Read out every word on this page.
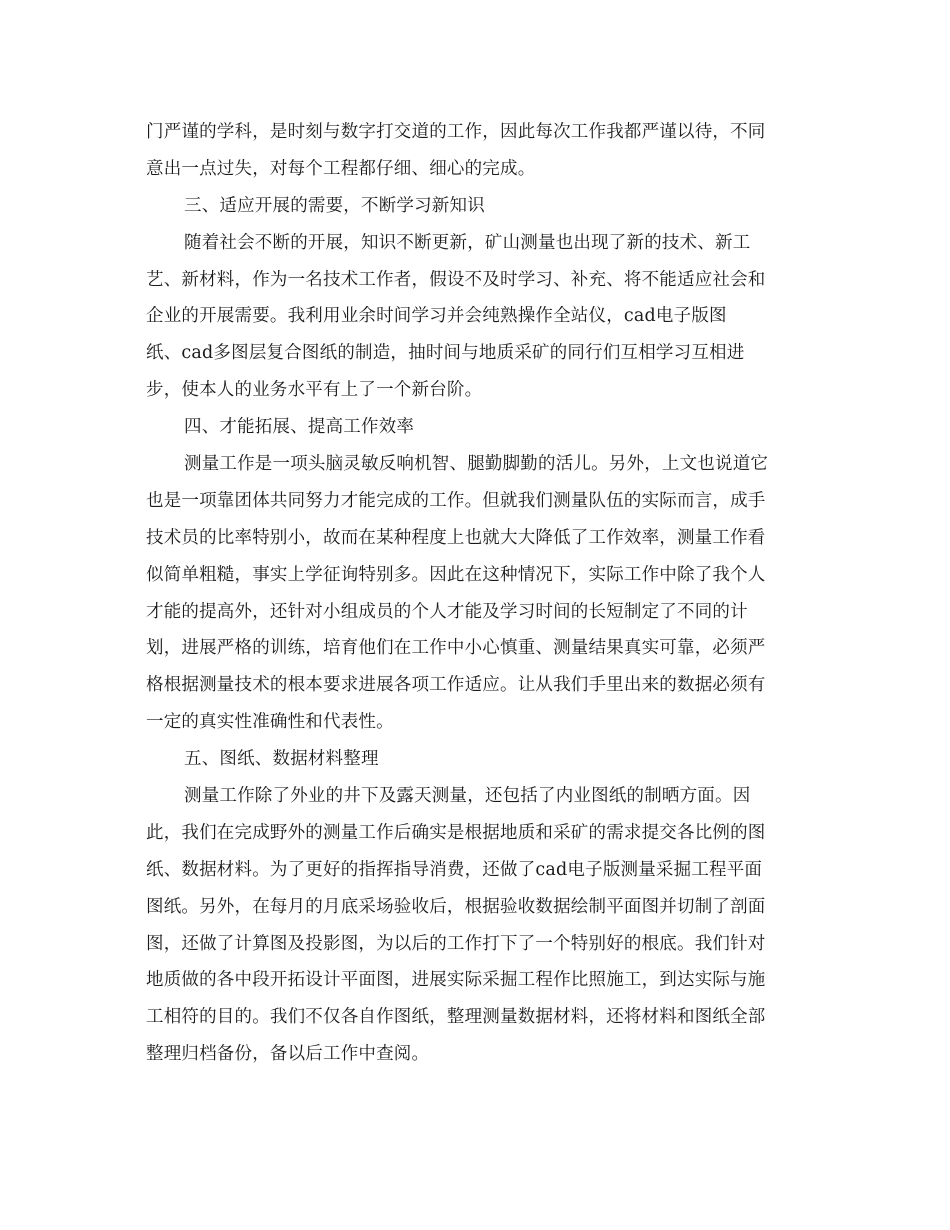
门严谨的学科，是时刻与数字打交道的工作，因此每次工作我都严谨以待，不同
意出一点过失，对每个工程都仔细、细心的完成。
三、适应开展的需要，不断学习新知识
随着社会不断的开展，知识不断更新，矿山测量也出现了新的技术、新工
艺、新材料，作为一名技术工作者，假设不及时学习、补充、将不能适应社会和
企业的开展需要。我利用业余时间学习并会纯熟操作全站仪，cad电子版图
纸、cad多图层复合图纸的制造，抽时间与地质采矿的同行们互相学习互相进
步，使本人的业务水平有上了一个新台阶。
四、才能拓展、提高工作效率
测量工作是一项头脑灵敏反响机智、腿勤脚勤的活儿。另外，上文也说道它
也是一项靠团体共同努力才能完成的工作。但就我们测量队伍的实际而言，成手
技术员的比率特别小，故而在某种程度上也就大大降低了工作效率，测量工作看
似简单粗糙，事实上学征询特别多。因此在这种情况下，实际工作中除了我个人
才能的提高外，还针对小组成员的个人才能及学习时间的长短制定了不同的计
划，进展严格的训练，培育他们在工作中小心慎重、测量结果真实可靠，必须严
格根据测量技术的根本要求进展各项工作适应。让从我们手里出来的数据必须有
一定的真实性准确性和代表性。
五、图纸、数据材料整理
测量工作除了外业的井下及露天测量，还包括了内业图纸的制晒方面。因
此，我们在完成野外的测量工作后确实是根据地质和采矿的需求提交各比例的图
纸、数据材料。为了更好的指挥指导消费，还做了cad电子版测量采掘工程平面
图纸。另外，在每月的月底采场验收后，根据验收数据绘制平面图并切制了剖面
图，还做了计算图及投影图，为以后的工作打下了一个特别好的根底。我们针对
地质做的各中段开拓设计平面图，进展实际采掘工程作比照施工，到达实际与施
工相符的目的。我们不仅各自作图纸，整理测量数据材料，还将材料和图纸全部
整理归档备份，备以后工作中查阅。
